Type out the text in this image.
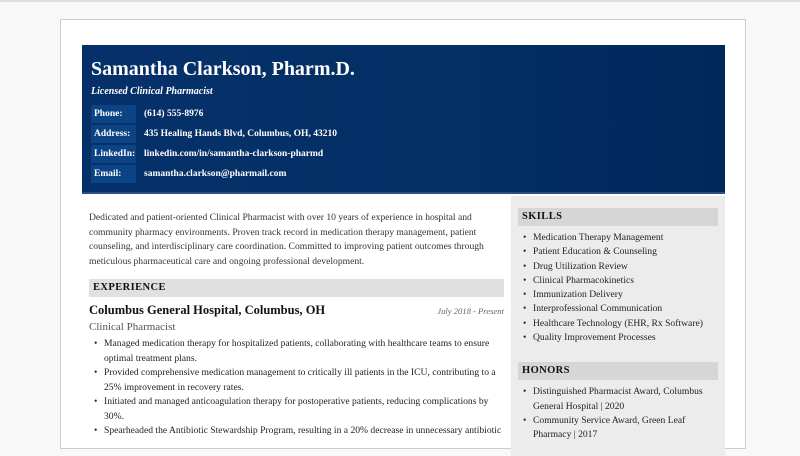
Samantha Clarkson, Pharm.D.
Licensed Clinical Pharmacist
Phone:	(614) 555-8976
Address:	435 Healing Hands Blvd, Columbus, OH, 43210
LinkedIn: linkedin.com/in/samantha-clarkson-pharmd
Email:	samantha.clarkson@pharmail.com

Dedicated and patient-oriented Clinical Pharmacist with over 10 years of experience in hospital and community pharmacy environments. Proven track record in medication therapy management, patient counseling, and interdisciplinary care coordination. Committed to improving patient outcomes through meticulous pharmaceutical care and ongoing professional development.

EXPERIENCE
Columbus General Hospital, Columbus, OH	July 2018 - Present
Clinical Pharmacist
• Managed medication therapy for hospitalized patients, collaborating with healthcare teams to ensure optimal treatment plans.
• Provided comprehensive medication management to critically ill patients in the ICU, contributing to a 25% improvement in recovery rates.
• Initiated and managed anticoagulation therapy for postoperative patients, reducing complications by 30%.
• Spearheaded the Antibiotic Stewardship Program, resulting in a 20% decrease in unnecessary antibiotic
SKILLS
• Medication Therapy Management
• Patient Education & Counseling
• Drug Utilization Review
• Clinical Pharmacokinetics
• Immunization Delivery
• Interprofessional Communication
• Healthcare Technology (EHR, Rx Software)
• Quality Improvement Processes
HONORS
• Distinguished Pharmacist Award, Columbus General Hospital | 2020
• Community Service Award, Green Leaf Pharmacy | 2017
